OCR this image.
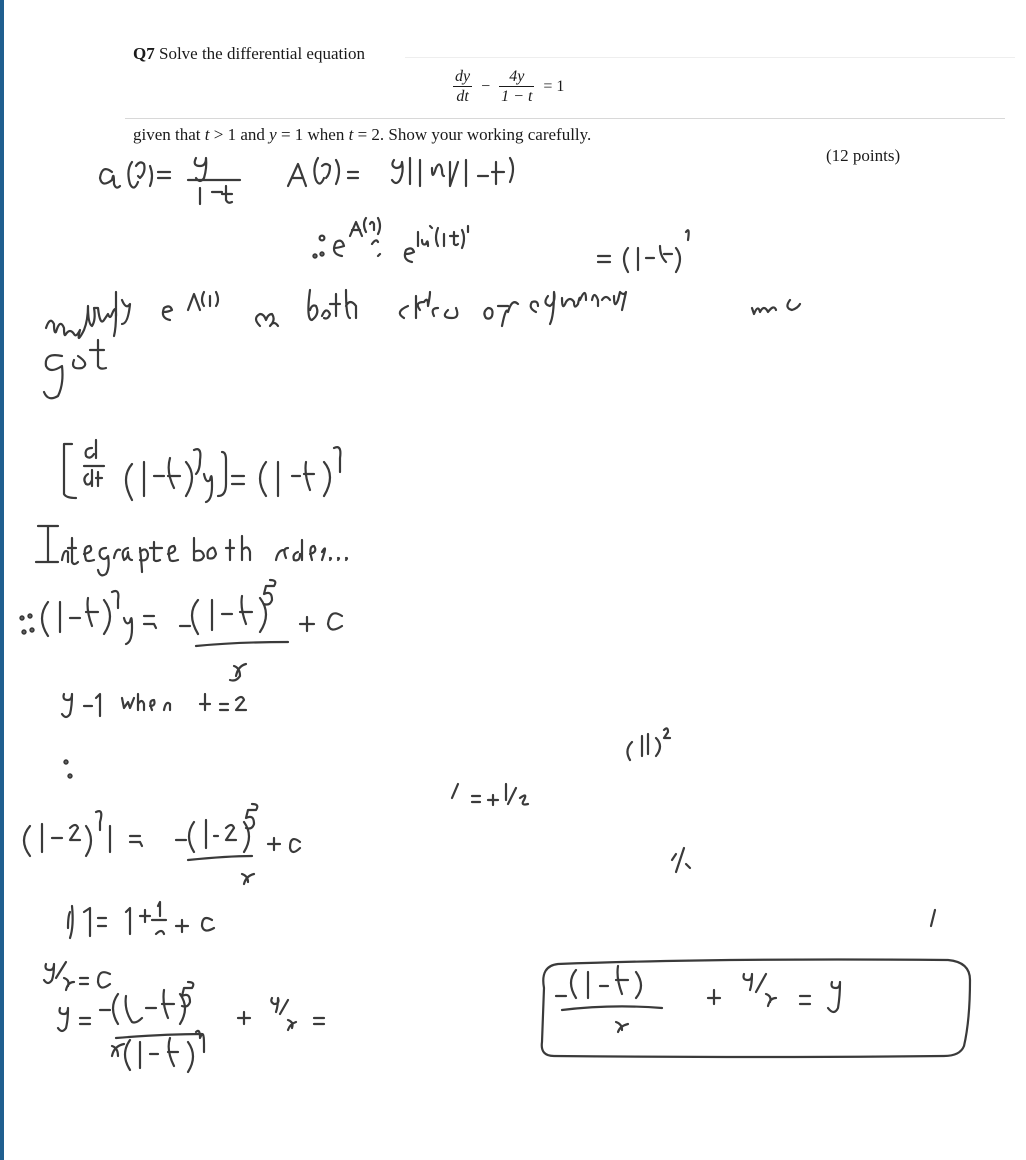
Q7 Solve the differential equation
$\frac{dy}{dt} - \frac{4y}{1 - t} = 1$
given that t > 1 and y = 1 when t = 2. Show your working carefully.
(12 points)
